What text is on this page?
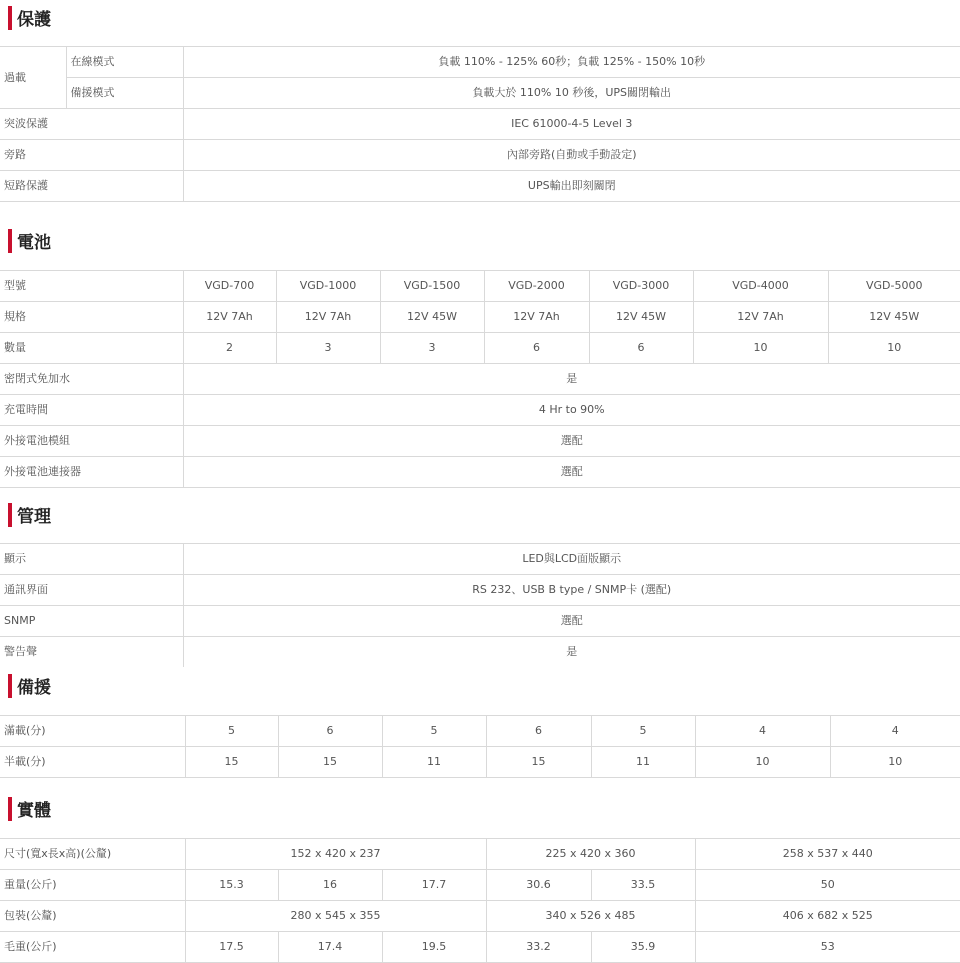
保護
過載	在線模式	負載 110% - 125% 60秒；負載 125% - 150% 10秒
	備援模式	負載大於 110% 10 秒後，UPS關閉輸出
突波保護		IEC 61000-4-5 Level 3
旁路		內部旁路(自動或手動設定)
短路保護		UPS輸出即刻關閉
電池
型號	VGD-700	VGD-1000	VGD-1500	VGD-2000	VGD-3000	VGD-4000	VGD-5000
規格	12V 7Ah	12V 7Ah	12V 45W	12V 7Ah	12V 45W	12V 7Ah	12V 45W
數量	2	3	3	6	6	10	10
密閉式免加水	是						
充電時間	4 Hr to 90%						
外接電池模組	選配						
外接電池連接器	選配						
管理
顯示	LED與LCD面版顯示
通訊界面	RS 232、USB B type / SNMP卡 (選配)
SNMP	選配
警告聲	是
備援
滿載(分)	5	6	5	6	5	4	4
半載(分)	15	15	11	15	11	10	10
實體
尺寸(寬x長x高)(公釐)	152 x 420 x 237			225 x 420 x 360		258 x 537 x 440
重量(公斤)	15.3	16	17.7	30.6	33.5	50
包裝(公釐)	280 x 545 x 355			340 x 526 x 485		406 x 682 x 525
毛重(公斤)	17.5	17.4	19.5	33.2	35.9	53
